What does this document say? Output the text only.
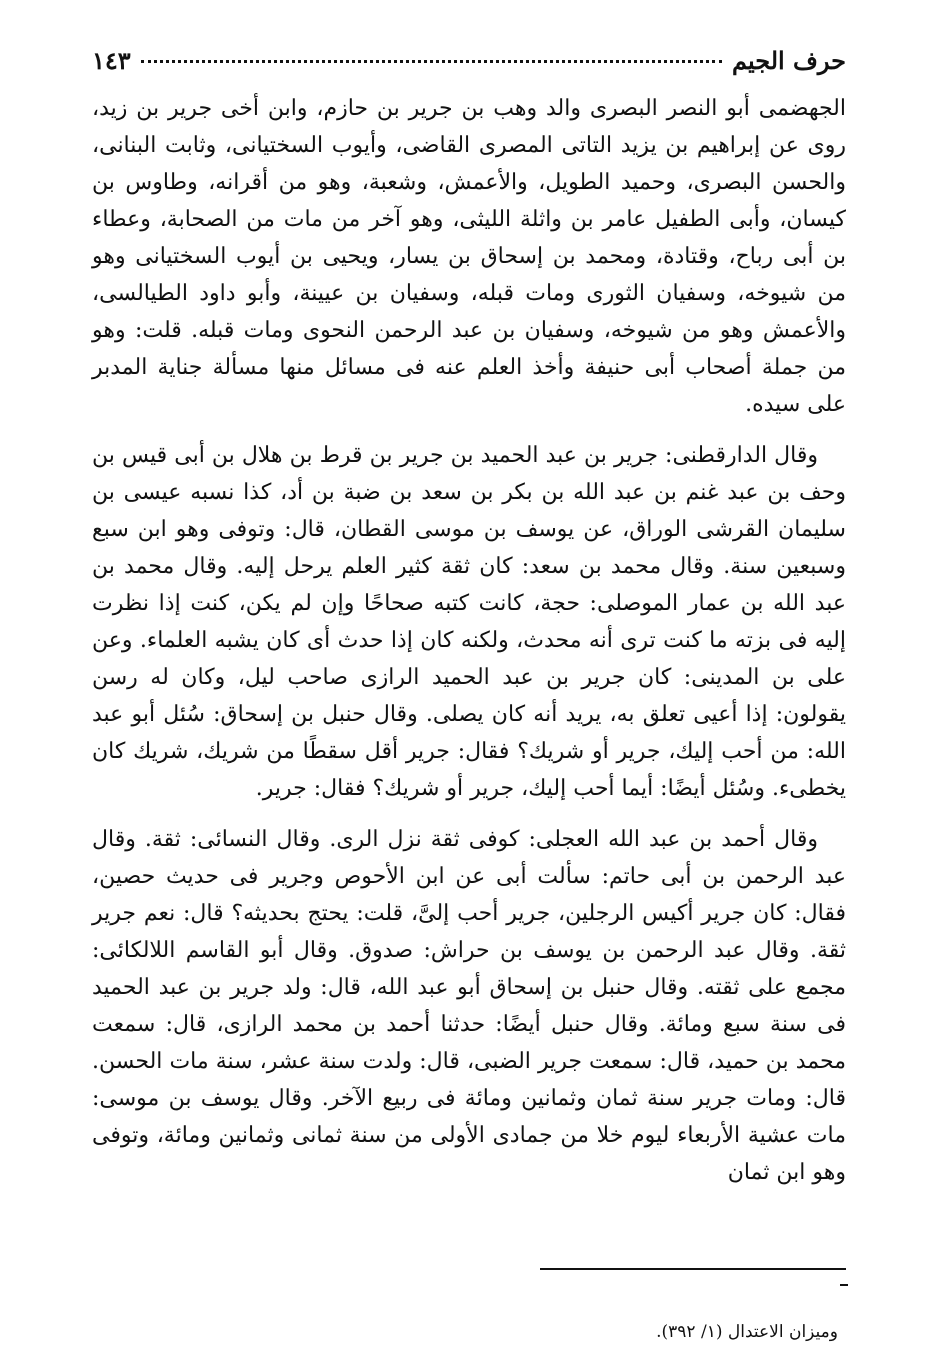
حرف الجيم
١٤٣

الجهضمى أبو النصر البصرى والد وهب بن جرير بن حازم، وابن أخى جرير بن زيد، روى عن إبراهيم بن يزيد التاتى المصرى القاضى، وأيوب السختيانى، وثابت البنانى، والحسن البصرى، وحميد الطويل، والأعمش، وشعبة، وهو من أقرانه، وطاوس بن كيسان، وأبى الطفيل عامر بن واثلة الليثى، وهو آخر من مات من الصحابة، وعطاء بن أبى رباح، وقتادة، ومحمد بن إسحاق بن يسار، ويحيى بن أيوب السختيانى وهو من شيوخه، وسفيان الثورى ومات قبله، وسفيان بن عيينة، وأبو داود الطيالسى، والأعمش وهو من شيوخه، وسفيان بن عبد الرحمن النحوى ومات قبله. قلت: وهو من جملة أصحاب أبى حنيفة وأخذ العلم عنه فى مسائل منها مسألة جناية المدبر على سيده.

وقال الدارقطنى: جرير بن عبد الحميد بن جرير بن قرط بن هلال بن أبى قيس بن وحف بن عبد غنم بن عبد الله بن بكر بن سعد بن ضبة بن أد، كذا نسبه عيسى بن سليمان القرشى الوراق، عن يوسف بن موسى القطان، قال: وتوفى وهو ابن سبع وسبعين سنة. وقال محمد بن سعد: كان ثقة كثير العلم يرحل إليه. وقال محمد بن عبد الله بن عمار الموصلى: حجة، كانت كتبه صحاحًا وإن لم يكن، كنت إذا نظرت إليه فى بزته ما كنت ترى أنه محدث، ولكنه كان إذا حدث أى كان يشبه العلماء. وعن على بن المدينى: كان جرير بن عبد الحميد الرازى صاحب ليل، وكان له رسن يقولون: إذا أعيى تعلق به، يريد أنه كان يصلى. وقال حنبل بن إسحاق: سُئل أبو عبد الله: من أحب إليك، جرير أو شريك؟ فقال: جرير أقل سقطًا من شريك، شريك كان يخطىء. وسُئل أيضًا: أيما أحب إليك، جرير أو شريك؟ فقال: جرير.

وقال أحمد بن عبد الله العجلى: كوفى ثقة نزل الرى. وقال النسائى: ثقة. وقال عبد الرحمن بن أبى حاتم: سألت أبى عن ابن الأحوص وجرير فى حديث حصين، فقال: كان جرير أكيس الرجلين، جرير أحب إلىَّ، قلت: يحتج بحديثه؟ قال: نعم جرير ثقة. وقال عبد الرحمن بن يوسف بن حراش: صدوق. وقال أبو القاسم اللالكائى: مجمع على ثقته. وقال حنبل بن إسحاق أبو عبد الله، قال: ولد جرير بن عبد الحميد فى سنة سبع ومائة. وقال حنبل أيضًا: حدثنا أحمد بن محمد الرازى، قال: سمعت محمد بن حميد، قال: سمعت جرير الضبى، قال: ولدت سنة عشر، سنة مات الحسن. قال: ومات جرير سنة ثمان وثمانين ومائة فى ربيع الآخر. وقال يوسف بن موسى: مات عشية الأربعاء ليوم خلا من جمادى الأولى من سنة ثمانى وثمانين ومائة، وتوفى وهو ابن ثمان

وميزان الاعتدال (١/ ٣٩٢).
